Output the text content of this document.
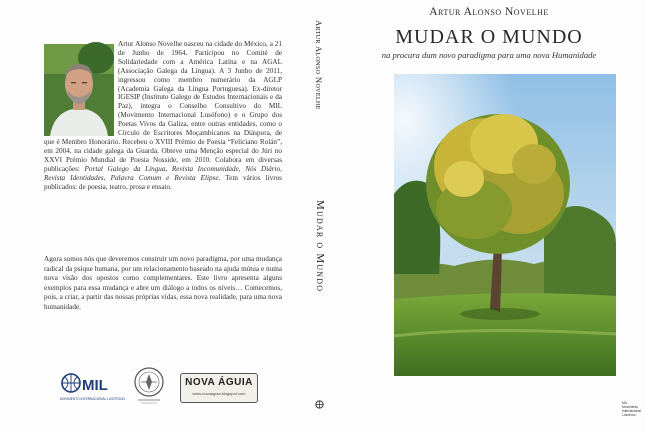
Artur Alonso Novelhe nasceu na cidade do México, a 21 de Junho de 1964. Participou no Comité de Solidariedade com a América Latina e na AGAL (Associação Galega da Língua). A 3 Junho de 2011, ingressou como membro numerário da AGLP (Academia Galega da Língua Portuguesa). Ex-diretor IGESIP (Instituto Galego de Estudos Internacionais e da Paz), integra o Conselho Consultivo do MIL (Movimento Internacional Lusófono) e o Grupo dos Poetas Vivos da Galiza, entre outras entidades, como o Círculo de Escritores Moçambicanos na Diáspora, de que é Membro Honorário. Recebeu o XVIII Prémio de Poesia “Feliciano Rolán”, em 2004, na cidade galega da Guarda. Obteve uma Menção especial do Júri no XXVI Prémio Mundial de Poesia Nosside, em 2010. Colabora em diversas publicações: Portal Galego da Língua, Revista Incomunidade, Nós Diário, Revista Identidades, Palavra Comum e Revista Elipse. Tem vários livros publicados: de poesia, teatro, prosa e ensaio.

Agora somos nós que deveremos construir um novo paradigma, por uma mudança radical da psique humana, por um relacionamento baseado na ajuda mútua e numa nova visão dos opostos como complementares. Este livro apresenta alguns exemplos para essa mudança e abre um diálogo a todos os níveis… Comecemos, pois, a criar, a partir das nossas próprias vidas, essa nova realidade, para uma nova humanidade.

MIL
MOVIMENTO INTERNACIONAL LUSÓFONO
NOVA ÁGUIA
www.novaaguia.blogspot.com
Artur Alonso Novelhe
Mudar o Mundo
Artur Alonso Novelhe
MUDAR O MUNDO
na procura dum novo paradigma para uma nova Humanidade
MIL
Movimento
Internacional
Lusófono
